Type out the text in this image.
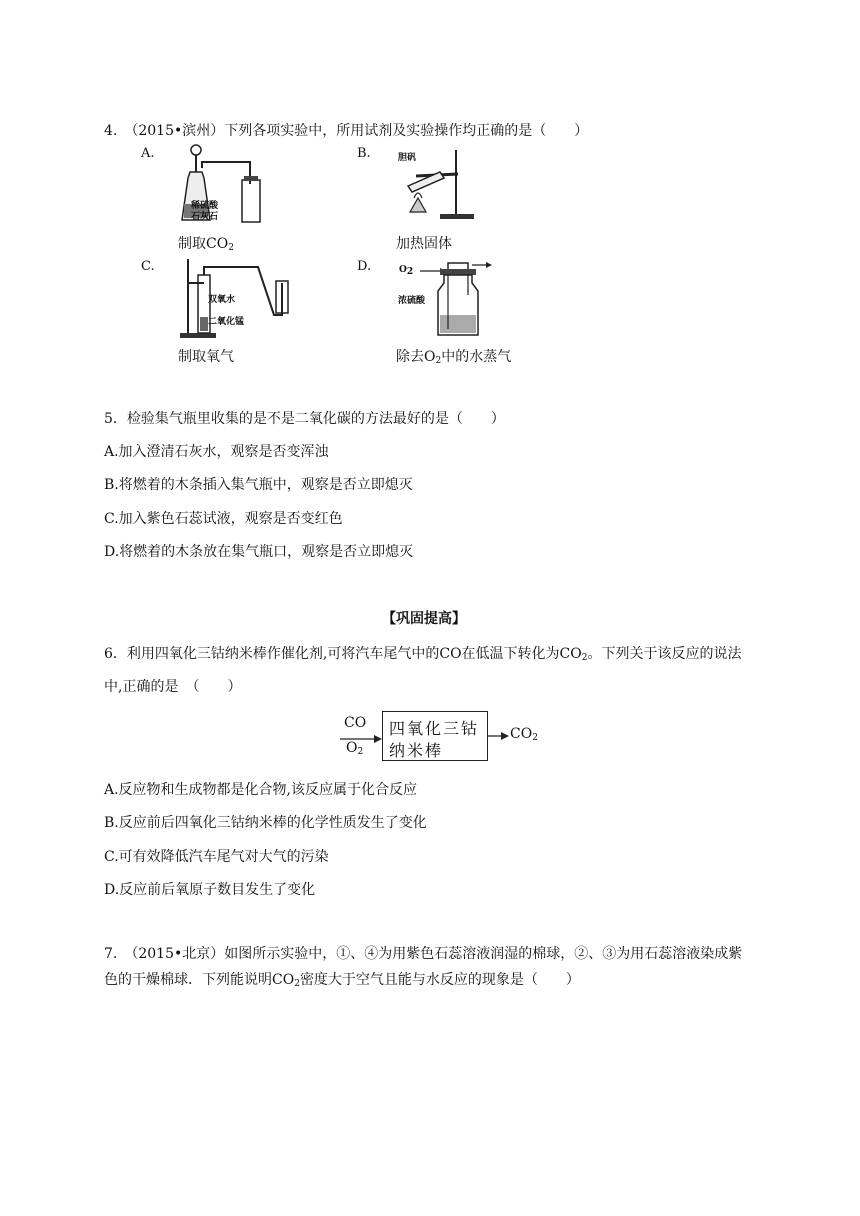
4.　（2015•滨州）下列各项实验中，所用试剂及实验操作均正确的是（　　）
A.
稀硫酸
石灰石
制取$CO_2$
B.	胆矾
加热固体
C.
双氧水
二氧化锰
制取氧气
D.	$O_2$
浓硫酸
除去$O_2$中的水蒸气
5．检验集气瓶里收集的是不是二氧化碳的方法最好的是（　　）
A.加入澄清石灰水，观察是否变浑浊
B.将燃着的木条插入集气瓶中，观察是否立即熄灭
C.加入紫色石蕊试液，观察是否变红色
D.将燃着的木条放在集气瓶口，观察是否立即熄灭
【巩固提高】
6．利用四氧化三钴纳米棒作催化剂,可将汽车尾气中的CO在低温下转化为$CO_2$。下列关于该反应的说法
中,正确的是　（　　）
CO
$O_2$
四氧化三钴
纳米棒
$CO_2$
A.反应物和生成物都是化合物,该反应属于化合反应
B.反应前后四氧化三钴纳米棒的化学性质发生了变化
C.可有效降低汽车尾气对大气的污染
D.反应前后氧原子数目发生了变化
7.　（2015•北京）如图所示实验中，①、④为用紫色石蕊溶液润湿的棉球，②、③为用石蕊溶液染成紫
色的干燥棉球．下列能说明$CO_2$密度大于空气且能与水反应的现象是（　　）
